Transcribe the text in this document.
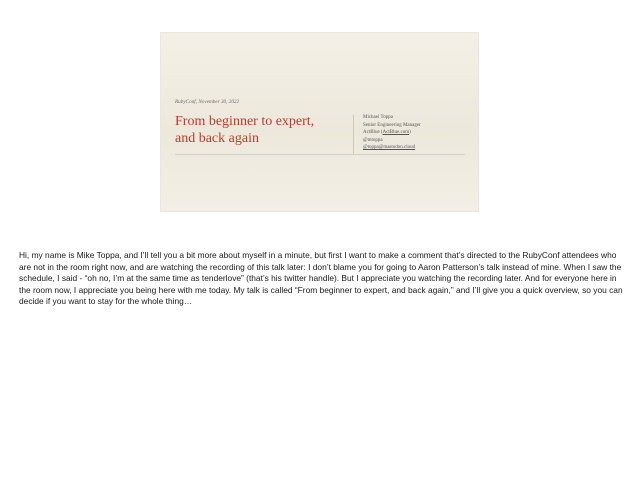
RubyConf, November 30, 2022
From beginner to expert,
and back again
Michael Toppa
Senior Engineering Manager
ActBlue (ActBlue.com)
@mtoppa
@toppa@mastodon.cloud
Hi, my name is Mike Toppa, and I’ll tell you a bit more about myself in a minute, but first I want to make a comment that’s directed to the RubyConf attendees who are not in the room right now, and are watching the recording of this talk later: I don’t blame you for going to Aaron Patterson’s talk instead of mine. When I saw the schedule, I said - “oh no, I’m at the same time as tenderlove” (that’s his twitter handle). But I appreciate you watching the recording later. And for everyone here in the room now, I appreciate you being here with me today. My talk is called “From beginner to expert, and back again,” and I’ll give you a quick overview, so you can decide if you want to stay for the whole thing…
